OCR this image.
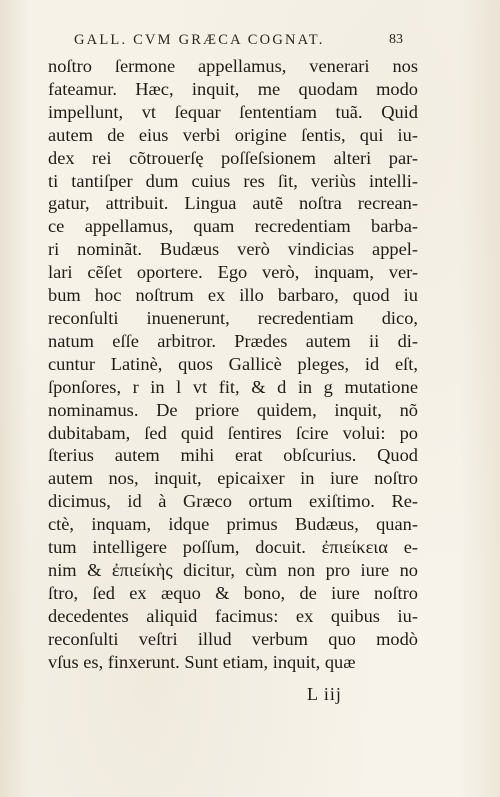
GALL. CVM GRÆCA COGNAT.	83
noſtro ſermone appellamus, venerari nos
fateamur. Hæc, inquit, me quodam modo
impellunt, vt ſequar ſententiam tuã. Quid
autem de eius verbi origine ſentis, qui iu-
dex rei cõtrouerſę poſſeſsionem alteri par-
ti tantiſper dum cuius res ſit, veriùs intelli-
gatur, attribuit. Lingua autẽ noſtra recrean-
ce appellamus, quam recredentiam barba-
ri nominãt. Budæus verò vindicias appel-
lari cẽſet oportere. Ego verò, inquam, ver-
bum hoc noſtrum ex illo barbaro, quod iu
reconſulti inuenerunt, recredentiam dico,
natum eſſe arbitror. Prædes autem ii di-
cuntur Latinè, quos Gallicè pleges, id eſt,
ſponſores, r in l vt fit, & d in g mutatione
nominamus. De priore quidem, inquit, nõ
dubitabam, ſed quid ſentires ſcire volui: po
ſterius autem mihi erat obſcurius. Quod
autem nos, inquit, epicaixer in iure noſtro
dicimus, id à Græco ortum exiſtimo. Re-
ctè, inquam, idque primus Budæus, quan-
tum intelligere poſſum, docuit. ἐπιείκεια e-
nim & ἐπιείκὴς dicitur, cùm non pro iure no
ſtro, ſed ex æquo & bono, de iure noſtro
decedentes aliquid facimus: ex quibus iu-
reconſulti veſtri illud verbum quo modò
vſus es, finxerunt. Sunt etiam, inquit, quæ
L iij
